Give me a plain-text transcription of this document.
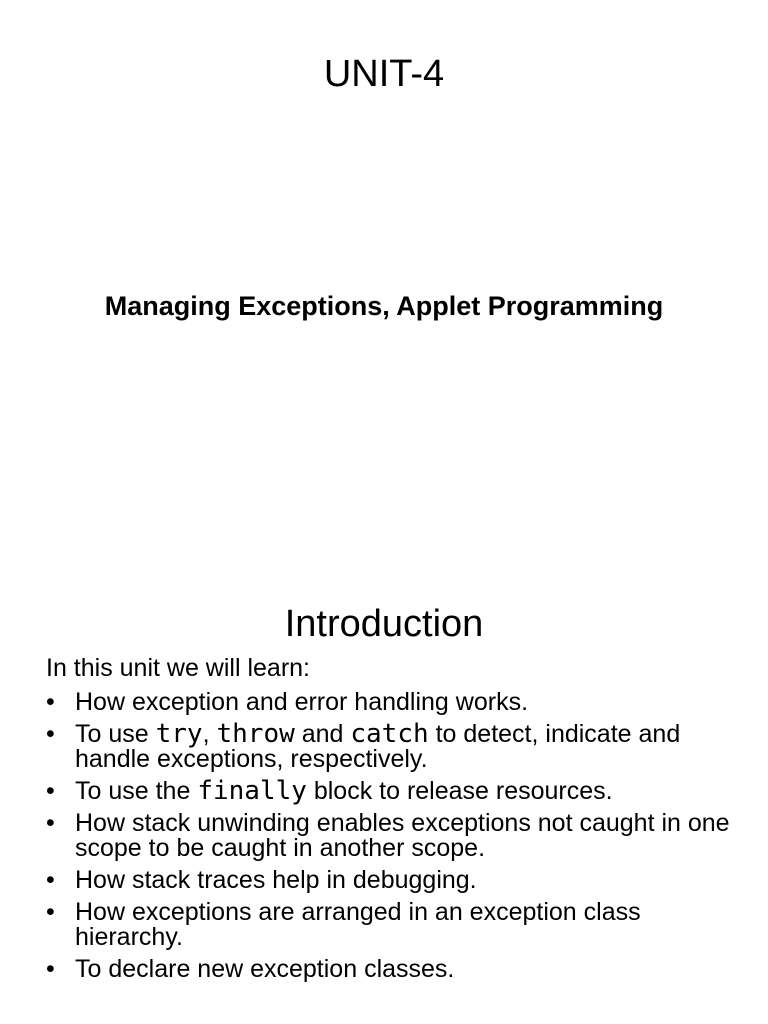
UNIT-4
Managing Exceptions, Applet Programming
Introduction

In this unit we will learn:

• How exception and error handling works.
• To use try, throw and catch to detect, indicate and handle exceptions, respectively.
• To use the finally block to release resources.
• How stack unwinding enables exceptions not caught in one scope to be caught in another scope.
• How stack traces help in debugging.
• How exceptions are arranged in an exception class hierarchy.
• To declare new exception classes.
